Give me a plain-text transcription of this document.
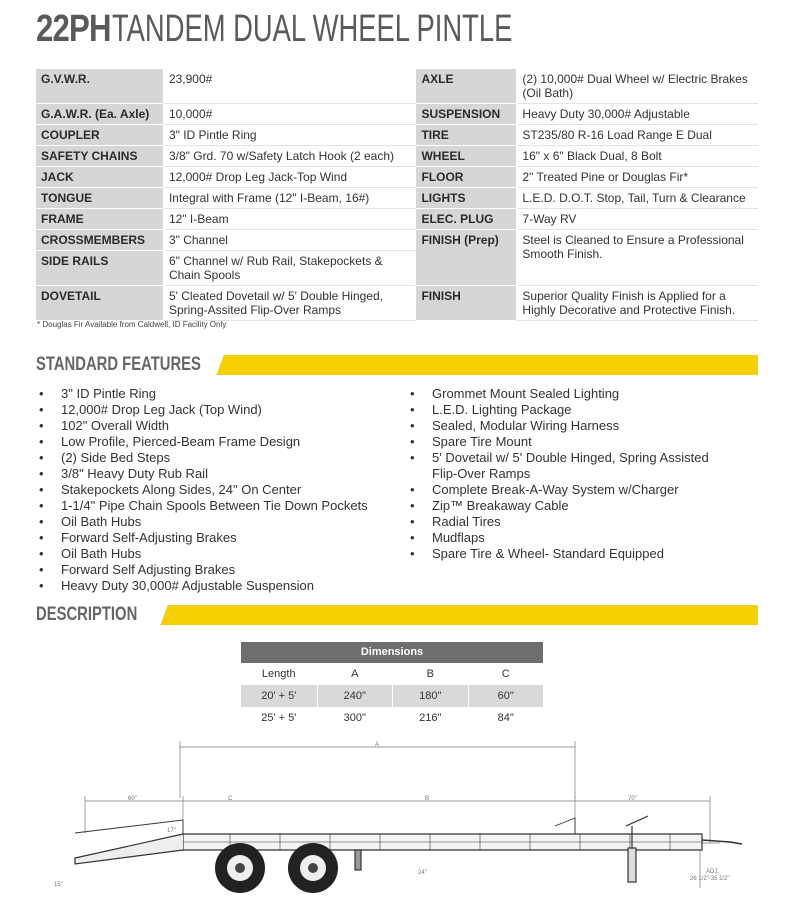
22PH TANDEM DUAL WHEEL PINTLE
G.V.W.R.	23,900#	AXLE	(2) 10,000# Dual Wheel w/ Electric Brakes (Oil Bath)
G.A.W.R. (Ea. Axle)	10,000#	SUSPENSION	Heavy Duty 30,000# Adjustable
COUPLER	3" ID Pintle Ring	TIRE	ST235/80 R-16 Load Range E Dual
SAFETY CHAINS	3/8" Grd. 70 w/Safety Latch Hook (2 each)	WHEEL	16" x 6" Black Dual, 8 Bolt
JACK	12,000# Drop Leg Jack-Top Wind	FLOOR	2" Treated Pine or Douglas Fir*
TONGUE	Integral with Frame (12" I-Beam, 16#)	LIGHTS	L.E.D. D.O.T. Stop, Tail, Turn & Clearance
FRAME	12" I-Beam	ELEC. PLUG	7-Way RV
CROSSMEMBERS	3" Channel	FINISH (Prep)	Steel is Cleaned to Ensure a Professional Smooth Finish.
SIDE RAILS	6" Channel w/ Rub Rail, Stakepockets & Chain Spools		
DOVETAIL	5' Cleated Dovetail w/ 5' Double Hinged, Spring-Assited Flip-Over Ramps	FINISH	Superior Quality Finish is Applied for a Highly Decorative and Protective Finish.
* Douglas Fir Available from Caldwell, ID Facility Only
STANDARD FEATURES
• 3" ID Pintle Ring
• 12,000# Drop Leg Jack (Top Wind)
• 102" Overall Width
• Low Profile, Pierced-Beam Frame Design
• (2) Side Bed Steps
• 3/8" Heavy Duty Rub Rail
• Stakepockets Along Sides, 24" On Center
• 1-1/4" Pipe Chain Spools Between Tie Down Pockets
• Oil Bath Hubs
• Forward Self-Adjusting Brakes
• Oil Bath Hubs
• Forward Self Adjusting Brakes
• Heavy Duty 30,000# Adjustable Suspension
• Grommet Mount Sealed Lighting
• L.E.D. Lighting Package
• Sealed, Modular Wiring Harness
• Spare Tire Mount
• 5' Dovetail w/ 5' Double Hinged, Spring Assisted
Flip-Over Ramps
• Complete Break-A-Way System w/Charger
• Zip™ Breakaway Cable
• Radial Tires
• Mudflaps
• Spare Tire & Wheel- Standard Equipped
DESCRIPTION
Dimensions
Length	A	B	C
20' + 5'	240"	180"	60"
25' + 5'	300"	216"	84"
A
60"	C	B	70"
17"
15"
24"	ADJ.
26 1/2"-35 1/2"
